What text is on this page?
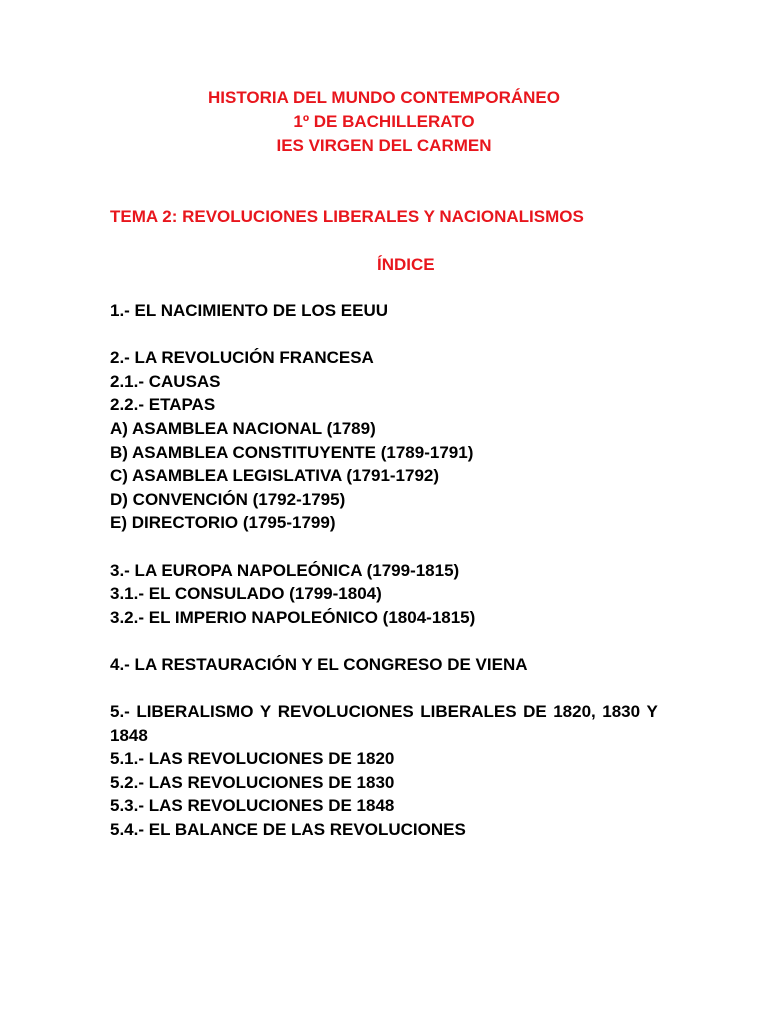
HISTORIA DEL MUNDO CONTEMPORÁNEO
1º DE BACHILLERATO
IES VIRGEN DEL CARMEN
TEMA 2: REVOLUCIONES LIBERALES Y NACIONALISMOS
ÍNDICE
1.- EL NACIMIENTO DE LOS EEUU
2.- LA REVOLUCIÓN FRANCESA
2.1.- CAUSAS
2.2.- ETAPAS
A) ASAMBLEA NACIONAL (1789)
B) ASAMBLEA CONSTITUYENTE (1789-1791)
C) ASAMBLEA LEGISLATIVA (1791-1792)
D) CONVENCIÓN (1792-1795)
E) DIRECTORIO (1795-1799)
3.- LA EUROPA NAPOLEÓNICA (1799-1815)
3.1.- EL CONSULADO (1799-1804)
3.2.- EL IMPERIO NAPOLEÓNICO (1804-1815)
4.- LA RESTAURACIÓN Y EL CONGRESO DE VIENA
5.- LIBERALISMO Y REVOLUCIONES LIBERALES DE 1820, 1830 Y
1848
5.1.- LAS REVOLUCIONES DE 1820
5.2.- LAS REVOLUCIONES DE 1830
5.3.- LAS REVOLUCIONES DE 1848
5.4.- EL BALANCE DE LAS REVOLUCIONES
